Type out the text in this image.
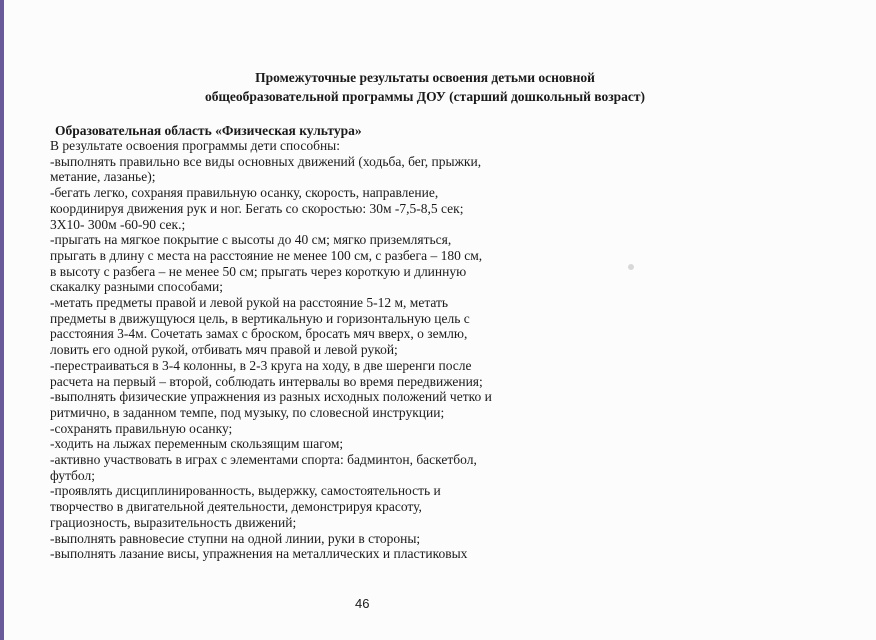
Промежуточные результаты освоения детьми основной
общеобразовательной программы ДОУ (старший дошкольный возраст)
Образовательная область «Физическая культура»
В результате освоения программы дети способны:
-выполнять правильно все виды основных движений (ходьба, бег, прыжки,
метание, лазанье);
-бегать легко, сохраняя правильную осанку, скорость, направление,
координируя движения рук и ног. Бегать со скоростью: 30м -7,5-8,5 сек;
3Х10- 300м -60-90 сек.;
-прыгать на мягкое покрытие с высоты до 40 см; мягко приземляться,
прыгать в длину с места на расстояние не менее 100 см, с разбега – 180 см,
в высоту с разбега – не менее 50 см; прыгать через короткую и длинную
скакалку разными способами;
-метать предметы правой и левой рукой на расстояние 5-12 м, метать
предметы в движущуюся цель, в вертикальную и горизонтальную цель с
расстояния 3-4м. Сочетать замах с броском, бросать мяч вверх, о землю,
ловить его одной рукой, отбивать мяч правой и левой рукой;
-перестраиваться в 3-4 колонны, в 2-3 круга на ходу, в две шеренги после
расчета на первый – второй, соблюдать интервалы во время передвижения;
-выполнять физические упражнения из разных исходных положений четко и
ритмично, в заданном темпе, под музыку, по словесной инструкции;
-сохранять правильную осанку;
-ходить на лыжах переменным скользящим шагом;
-активно участвовать в играх с элементами спорта: бадминтон, баскетбол,
футбол;
-проявлять дисциплинированность, выдержку, самостоятельность и
творчество в двигательной деятельности, демонстрируя красоту,
грациозность, выразительность движений;
-выполнять равновесие ступни на одной линии, руки в стороны;
-выполнять лазание висы, упражнения на металлических и пластиковых
46
